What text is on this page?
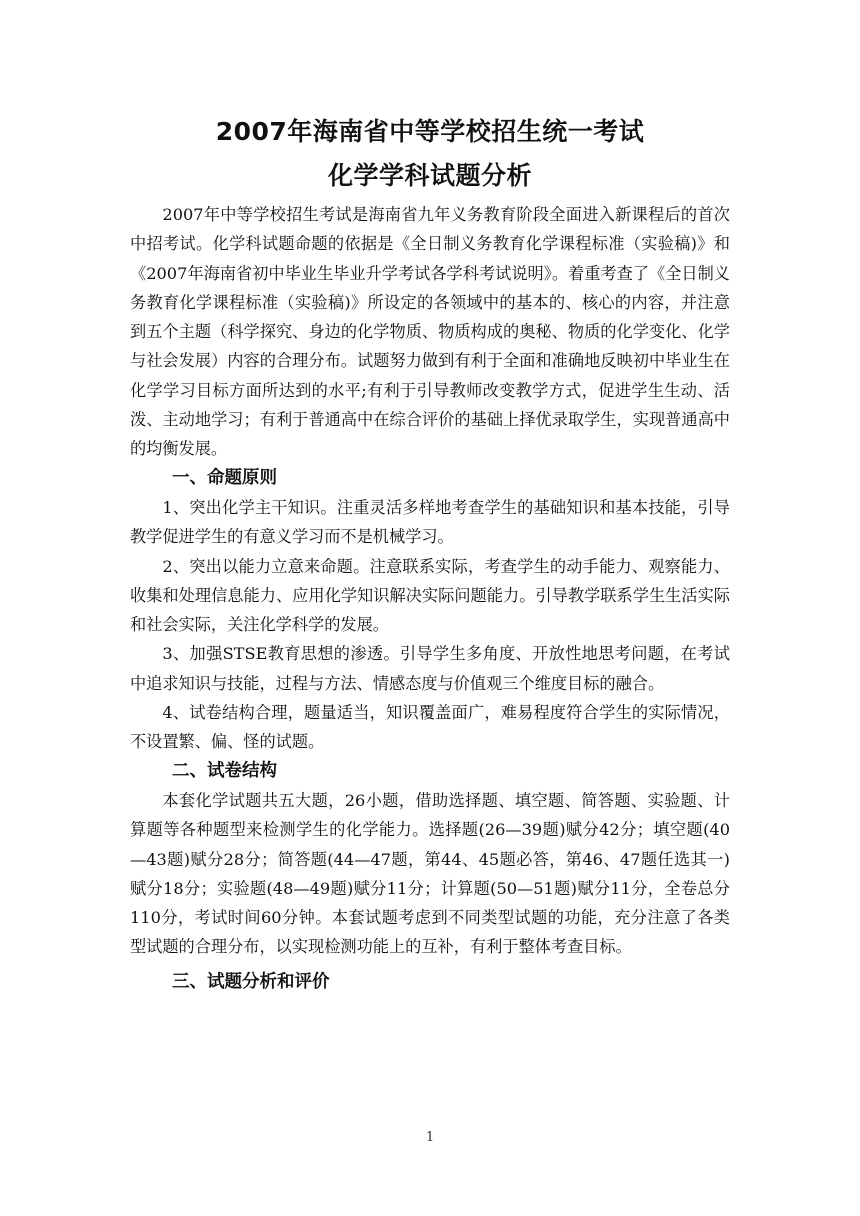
2007年海南省中等学校招生统一考试
化学学科试题分析

2007年中等学校招生考试是海南省九年义务教育阶段全面进入新课程后的首次中招考试。化学科试题命题的依据是《全日制义务教育化学课程标准（实验稿)》和《2007年海南省初中毕业生毕业升学考试各学科考试说明》。着重考查了《全日制义务教育化学课程标准（实验稿)》所设定的各领域中的基本的、核心的内容，并注意到五个主题（科学探究、身边的化学物质、物质构成的奥秘、物质的化学变化、化学与社会发展）内容的合理分布。试题努力做到有利于全面和准确地反映初中毕业生在化学学习目标方面所达到的水平;有利于引导教师改变教学方式，促进学生生动、活泼、主动地学习；有利于普通高中在综合评价的基础上择优录取学生，实现普通高中的均衡发展。

一、命题原则

1、突出化学主干知识。注重灵活多样地考查学生的基础知识和基本技能，引导教学促进学生的有意义学习而不是机械学习。

2、突出以能力立意来命题。注意联系实际，考查学生的动手能力、观察能力、收集和处理信息能力、应用化学知识解决实际问题能力。引导教学联系学生生活实际和社会实际，关注化学科学的发展。

3、加强STSE教育思想的渗透。引导学生多角度、开放性地思考问题，在考试中追求知识与技能，过程与方法、情感态度与价值观三个维度目标的融合。

4、试卷结构合理，题量适当，知识覆盖面广，难易程度符合学生的实际情况，不设置繁、偏、怪的试题。

二、试卷结构

本套化学试题共五大题，26小题，借助选择题、填空题、简答题、实验题、计算题等各种题型来检测学生的化学能力。选择题(26—39题)赋分42分；填空题(40—43题)赋分28分；简答题(44—47题，第44、45题必答，第46、47题任选其一)赋分18分；实验题(48—49题)赋分11分；计算题(50—51题)赋分11分，全卷总分110分，考试时间60分钟。本套试题考虑到不同类型试题的功能，充分注意了各类型试题的合理分布，以实现检测功能上的互补，有利于整体考查目标。

三、试题分析和评价

1
